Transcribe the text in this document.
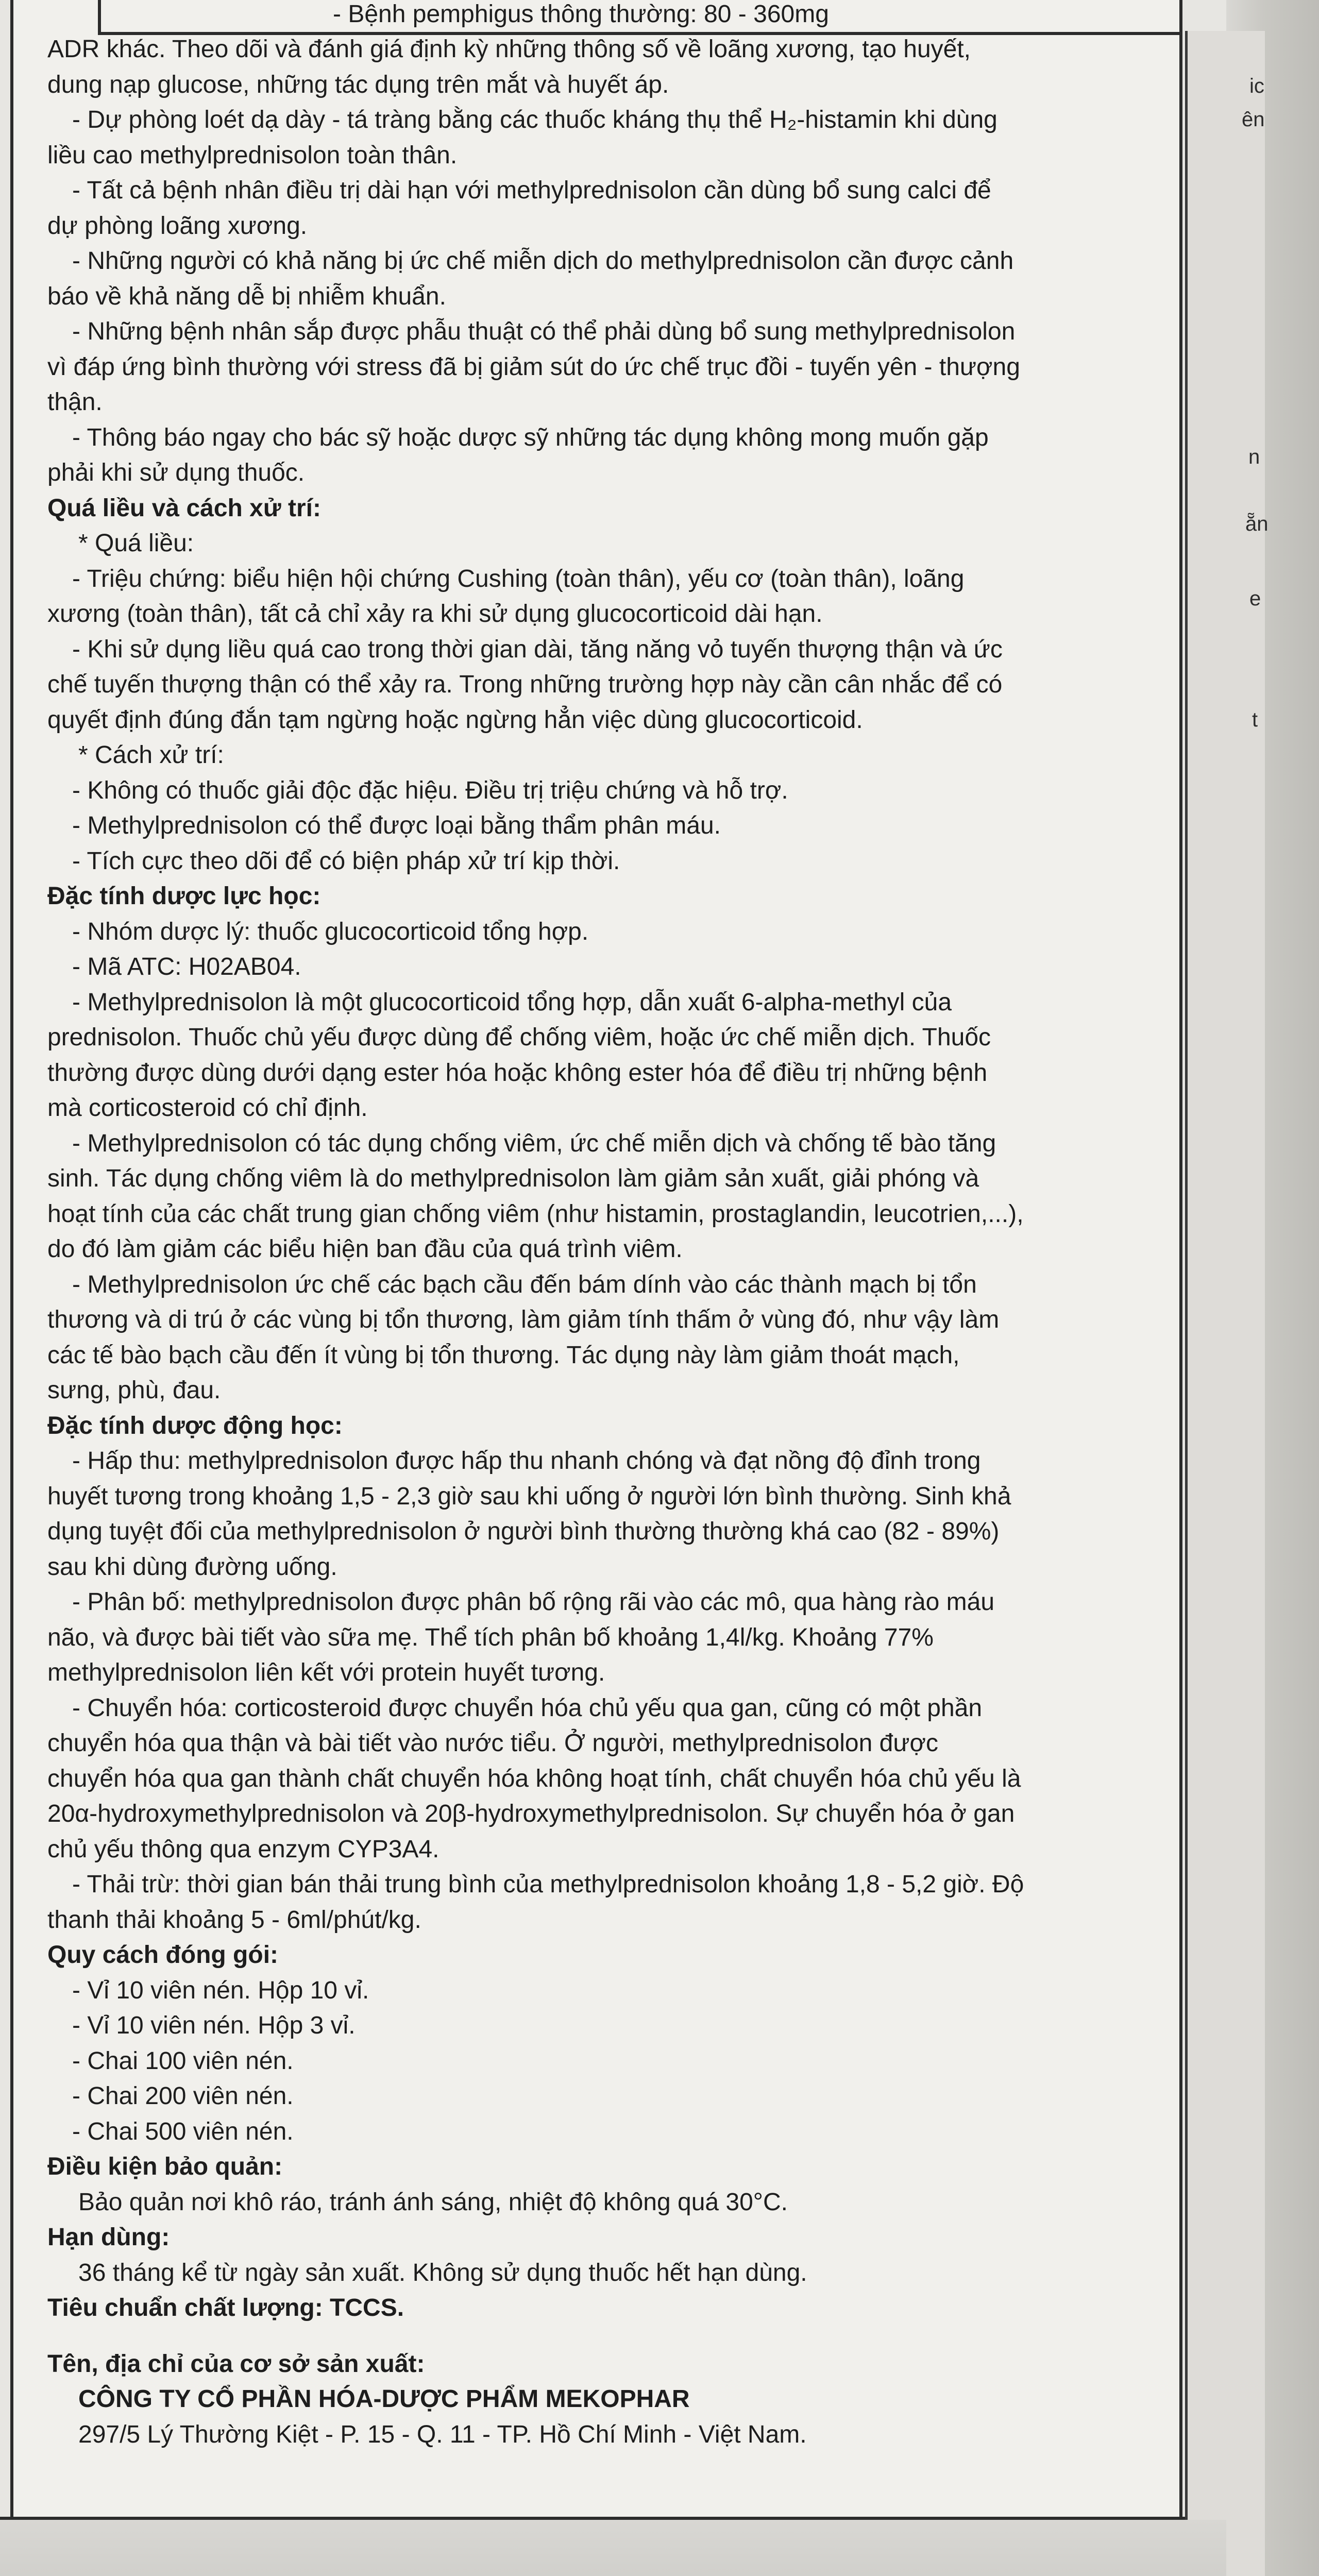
ic
ên
n
ẵn
e
t
- Bệnh pemphigus thông thường: 80 - 360mg
ADR khác. Theo dõi và đánh giá định kỳ những thông số về loãng xương, tạo huyết,
dung nạp glucose, những tác dụng trên mắt và huyết áp.
- Dự phòng loét dạ dày - tá tràng bằng các thuốc kháng thụ thể H₂-histamin khi dùng
liều cao methylprednisolon toàn thân.
- Tất cả bệnh nhân điều trị dài hạn với methylprednisolon cần dùng bổ sung calci để
dự phòng loãng xương.
- Những người có khả năng bị ức chế miễn dịch do methylprednisolon cần được cảnh
báo về khả năng dễ bị nhiễm khuẩn.
- Những bệnh nhân sắp được phẫu thuật có thể phải dùng bổ sung methylprednisolon
vì đáp ứng bình thường với stress đã bị giảm sút do ức chế trục đồi - tuyến yên - thượng
thận.
- Thông báo ngay cho bác sỹ hoặc dược sỹ những tác dụng không mong muốn gặp
phải khi sử dụng thuốc.
Quá liều và cách xử trí:
* Quá liều:
- Triệu chứng: biểu hiện hội chứng Cushing (toàn thân), yếu cơ (toàn thân), loãng
xương (toàn thân), tất cả chỉ xảy ra khi sử dụng glucocorticoid dài hạn.
- Khi sử dụng liều quá cao trong thời gian dài, tăng năng vỏ tuyến thượng thận và ức
chế tuyến thượng thận có thể xảy ra. Trong những trường hợp này cần cân nhắc để có
quyết định đúng đắn tạm ngừng hoặc ngừng hẳn việc dùng glucocorticoid.
* Cách xử trí:
- Không có thuốc giải độc đặc hiệu. Điều trị triệu chứng và hỗ trợ.
- Methylprednisolon có thể được loại bằng thẩm phân máu.
- Tích cực theo dõi để có biện pháp xử trí kịp thời.
Đặc tính dược lực học:
- Nhóm dược lý: thuốc glucocorticoid tổng hợp.
- Mã ATC: H02AB04.
- Methylprednisolon là một glucocorticoid tổng hợp, dẫn xuất 6-alpha-methyl của
prednisolon. Thuốc chủ yếu được dùng để chống viêm, hoặc ức chế miễn dịch. Thuốc
thường được dùng dưới dạng ester hóa hoặc không ester hóa để điều trị những bệnh
mà corticosteroid có chỉ định.
- Methylprednisolon có tác dụng chống viêm, ức chế miễn dịch và chống tế bào tăng
sinh. Tác dụng chống viêm là do methylprednisolon làm giảm sản xuất, giải phóng và
hoạt tính của các chất trung gian chống viêm (như histamin, prostaglandin, leucotrien,...),
do đó làm giảm các biểu hiện ban đầu của quá trình viêm.
- Methylprednisolon ức chế các bạch cầu đến bám dính vào các thành mạch bị tổn
thương và di trú ở các vùng bị tổn thương, làm giảm tính thấm ở vùng đó, như vậy làm
các tế bào bạch cầu đến ít vùng bị tổn thương. Tác dụng này làm giảm thoát mạch,
sưng, phù, đau.
Đặc tính dược động học:
- Hấp thu: methylprednisolon được hấp thu nhanh chóng và đạt nồng độ đỉnh trong
huyết tương trong khoảng 1,5 - 2,3 giờ sau khi uống ở người lớn bình thường. Sinh khả
dụng tuyệt đối của methylprednisolon ở người bình thường thường khá cao (82 - 89%)
sau khi dùng đường uống.
- Phân bố: methylprednisolon được phân bố rộng rãi vào các mô, qua hàng rào máu
não, và được bài tiết vào sữa mẹ. Thể tích phân bố khoảng 1,4l/kg. Khoảng 77%
methylprednisolon liên kết với protein huyết tương.
- Chuyển hóa: corticosteroid được chuyển hóa chủ yếu qua gan, cũng có một phần
chuyển hóa qua thận và bài tiết vào nước tiểu. Ở người, methylprednisolon được
chuyển hóa qua gan thành chất chuyển hóa không hoạt tính, chất chuyển hóa chủ yếu là
20α-hydroxymethylprednisolon và 20β-hydroxymethylprednisolon. Sự chuyển hóa ở gan
chủ yếu thông qua enzym CYP3A4.
- Thải trừ: thời gian bán thải trung bình của methylprednisolon khoảng 1,8 - 5,2 giờ. Độ
thanh thải khoảng 5 - 6ml/phút/kg.
Quy cách đóng gói:
- Vỉ 10 viên nén. Hộp 10 vỉ.
- Vỉ 10 viên nén. Hộp 3 vỉ.
- Chai 100 viên nén.
- Chai 200 viên nén.
- Chai 500 viên nén.
Điều kiện bảo quản:
Bảo quản nơi khô ráo, tránh ánh sáng, nhiệt độ không quá 30°C.
Hạn dùng:
36 tháng kể từ ngày sản xuất. Không sử dụng thuốc hết hạn dùng.
Tiêu chuẩn chất lượng: TCCS.
Tên, địa chỉ của cơ sở sản xuất:
CÔNG TY CỔ PHẦN HÓA-DƯỢC PHẨM MEKOPHAR
297/5 Lý Thường Kiệt - P. 15 - Q. 11 - TP. Hồ Chí Minh - Việt Nam.
